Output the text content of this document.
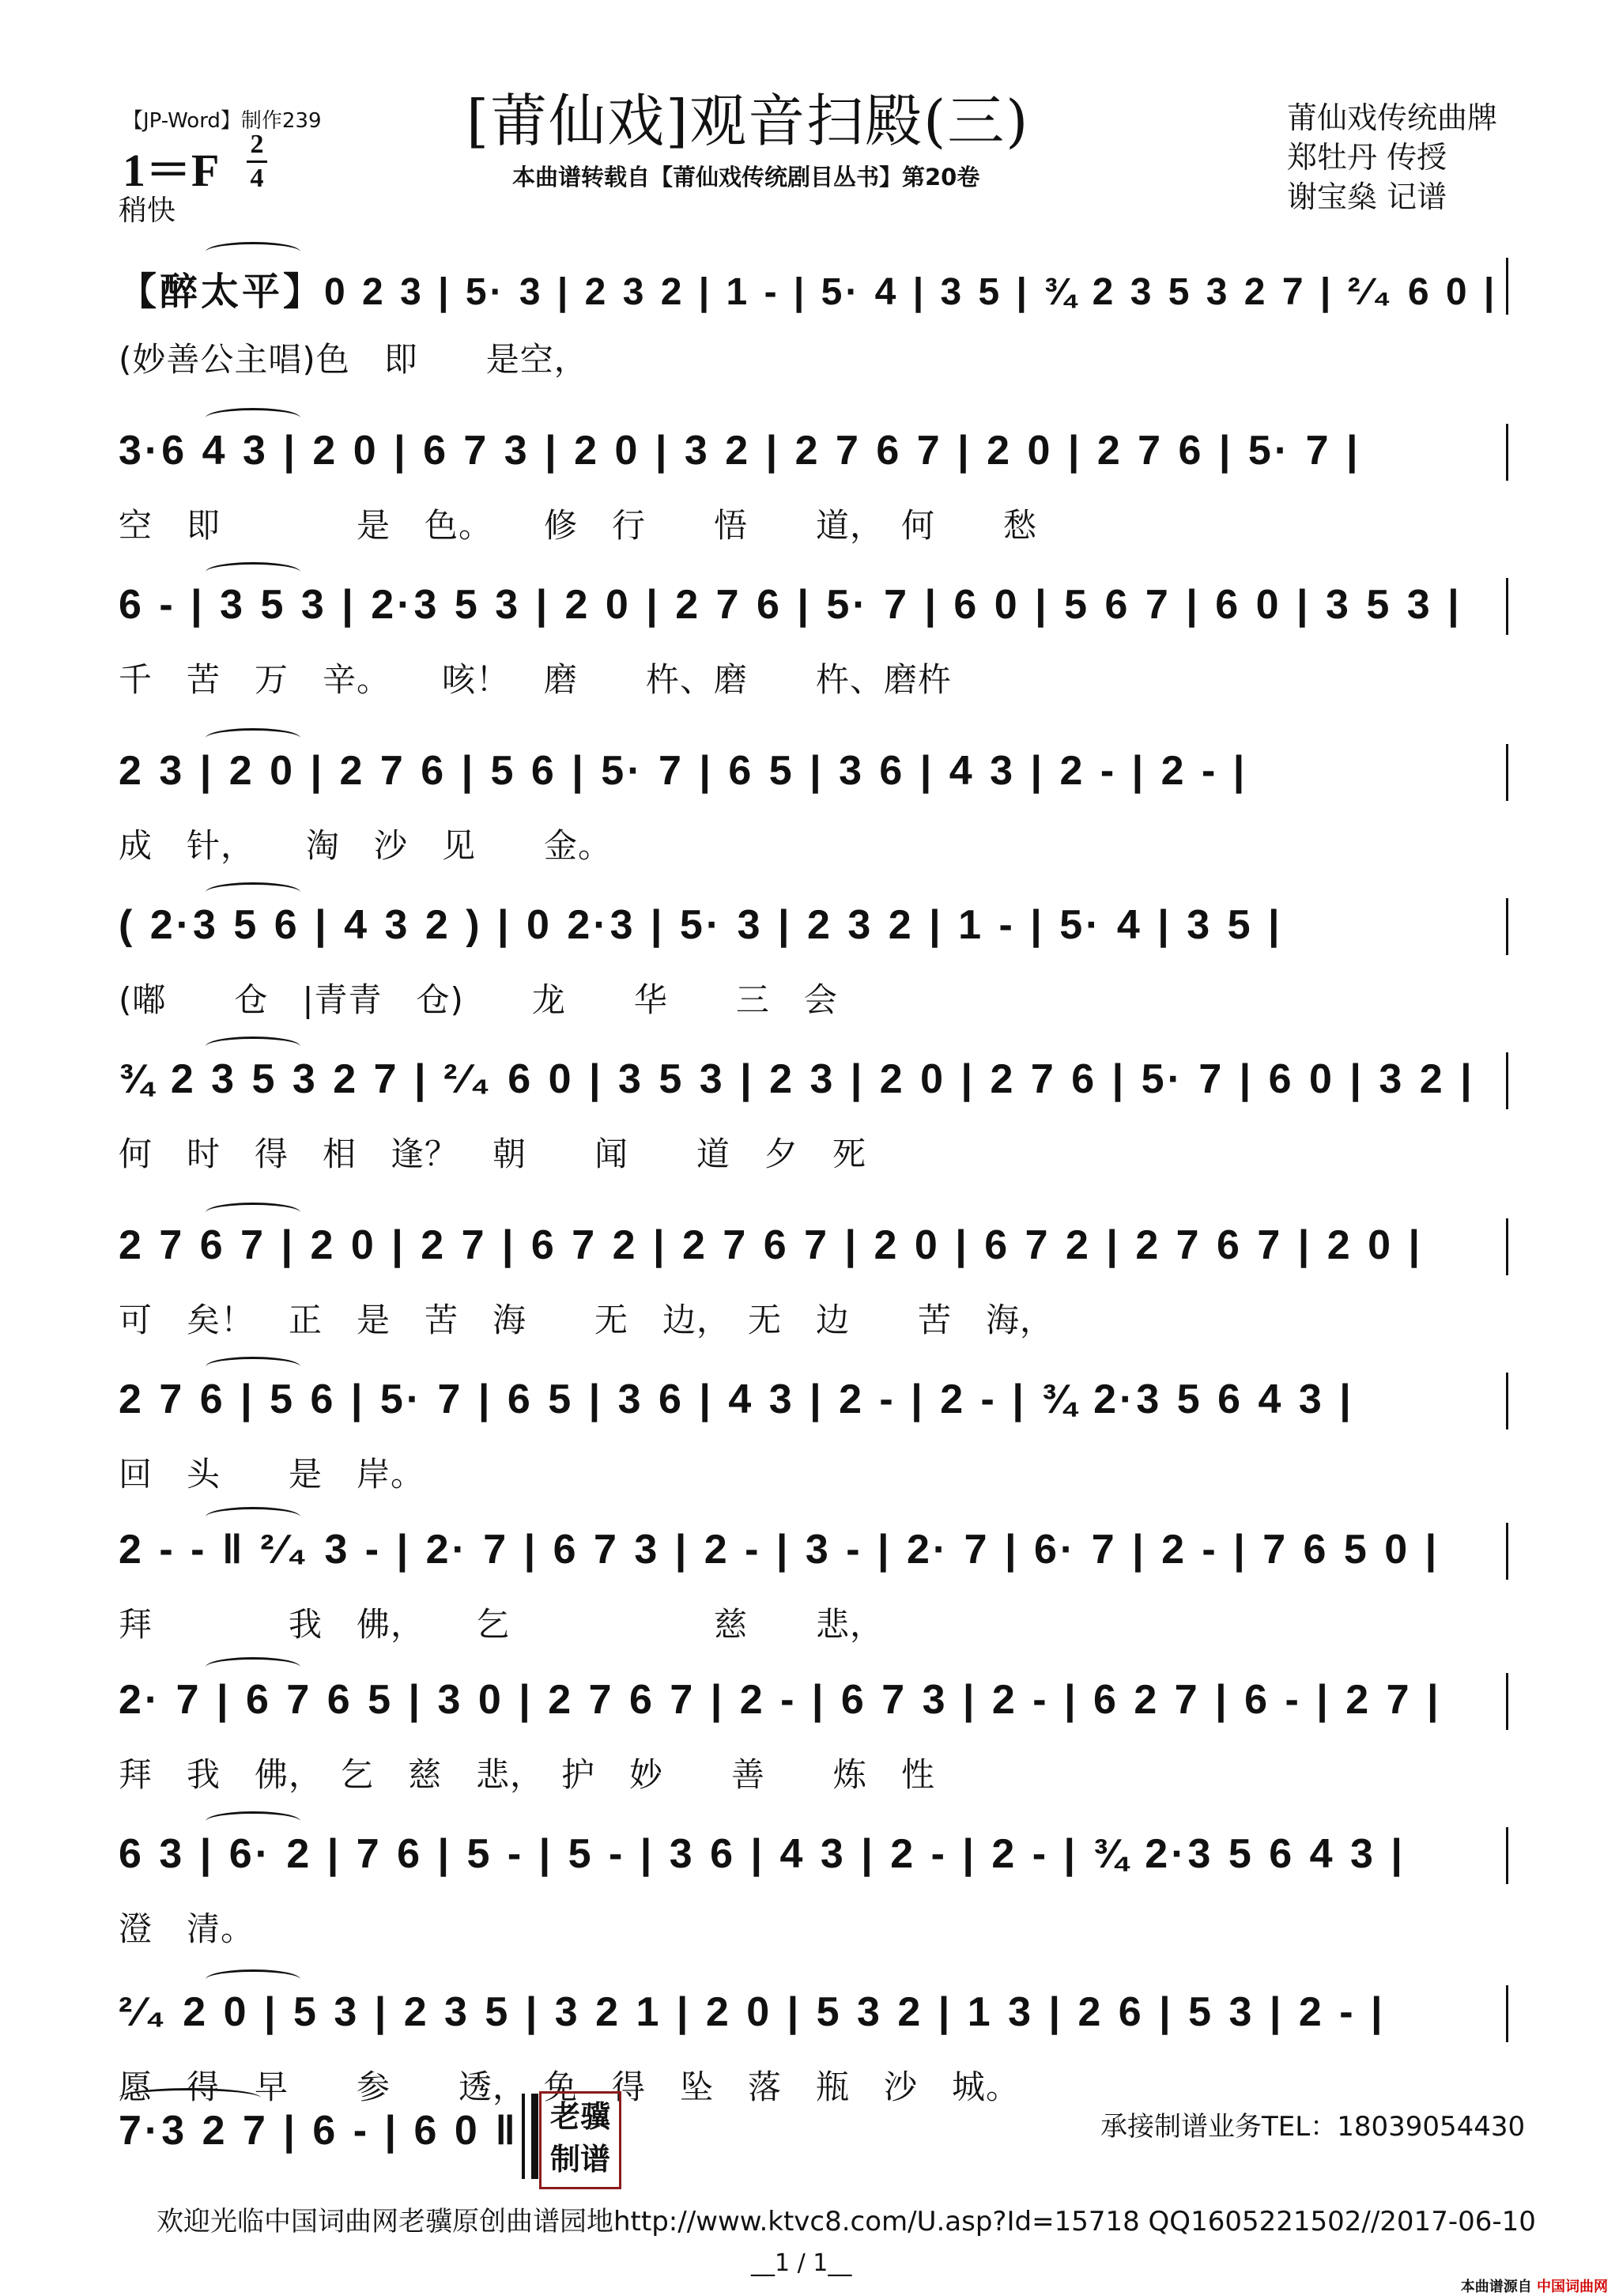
【JP-Word】制作239
1＝F
2
4
稍快
[莆仙戏]观音扫殿(三)
本曲谱转载自【莆仙戏传统剧目丛书】第20卷
莆仙戏传统曲牌
郑牡丹 传授
谢宝燊 记谱
【醉太平】0 2 3 | 5· 3 | 2 3 2 | 1 - | 5· 4 | 3 5 | ¾ 2 3 5 3 2 7 | ²⁄₄ 6 0 |
(妙善公主唱)色　即　　是空，
3·6 4 3 | 2 0 | 6 7 3 | 2 0 | 3 2 | 2 7 6 7 | 2 0 | 2 7 6 | 5· 7 |
空　即　　　　是　色。　　修　行　　悟　　道，　何　　愁
6 - | 3 5 3 | 2·3 5 3 | 2 0 | 2 7 6 | 5· 7 | 6 0 | 5 6 7 | 6 0 | 3 5 3 |
千　苦　万　辛。　　咳！　磨　　杵、磨　　杵、磨杵
2 3 | 2 0 | 2 7 6 | 5 6 | 5· 7 | 6 5 | 3 6 | 4 3 | 2 - | 2 - |
成　针，　　淘　沙　见　　金。
( 2·3 5 6 | 4 3 2 ) | 0 2·3 | 5· 3 | 2 3 2 | 1 - | 5· 4 | 3 5 |
(嘟　　仓　|青青　仓)　　龙　　华　　三　会
¾ 2 3 5 3 2 7 | ²⁄₄ 6 0 | 3 5 3 | 2 3 | 2 0 | 2 7 6 | 5· 7 | 6 0 | 3 2 |
何　时　得　相　逢？　朝　　闻　　道　夕　死
2 7 6 7 | 2 0 | 2 7 | 6 7 2 | 2 7 6 7 | 2 0 | 6 7 2 | 2 7 6 7 | 2 0 |
可　矣！　正　是　苦　海　　无　边，　无　边　　苦　海，
2 7 6 | 5 6 | 5· 7 | 6 5 | 3 6 | 4 3 | 2 - | 2 - | ¾ 2·3 5 6 4 3 |
回　头　　是　岸。
2 - - ‖ ²⁄₄ 3 - | 2· 7 | 6 7 3 | 2 - | 3 - | 2· 7 | 6· 7 | 2 - | 7 6 5 0 |
拜　　　　我　佛，　　乞　　　　　　慈　　悲，
2· 7 | 6 7 6 5 | 3 0 | 2 7 6 7 | 2 - | 6 7 3 | 2 - | 6 2 7 | 6 - | 2 7 |
拜　我　佛，　乞　慈　悲，　护　妙　　善　　炼　性
6 3 | 6· 2 | 7 6 | 5 - | 5 - | 3 6 | 4 3 | 2 - | 2 - | ¾ 2·3 5 6 4 3 |
澄　清。
²⁄₄ 2 0 | 5 3 | 2 3 5 | 3 2 1 | 2 0 | 5 3 2 | 1 3 | 2 6 | 5 3 | 2 - |
愿　得　早　　参　　透，　免　得　坠　落　瓶　沙　城。
7·3 2 7 | 6 - | 6 0 ‖ 老骥
制谱
承接制谱业务TEL：18039054430
欢迎光临中国词曲网老骥原创曲谱园地http://www.ktvc8.com/U.asp?Id=15718 QQ1605221502//2017-06-10
__1 / 1__
本曲谱源自 中国词曲网
